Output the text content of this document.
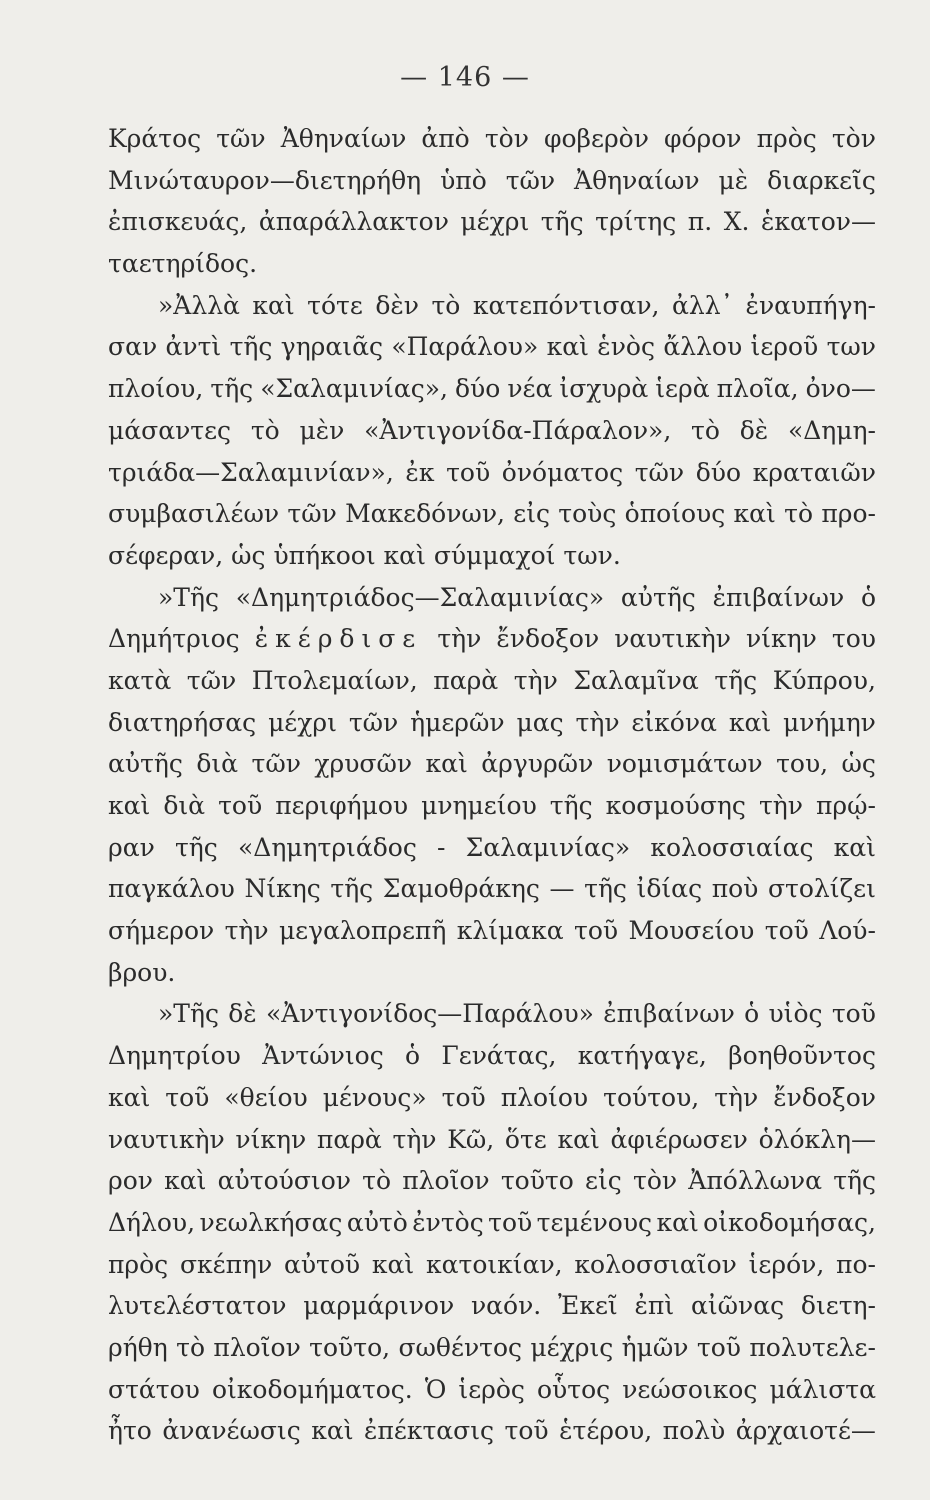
— 146 —
Κράτος τῶν Ἀθηναίων ἀπὸ τὸν φοβερὸν φόρον πρὸς τὸν
Μινώταυρον—διετηρήθη ὑπὸ τῶν Ἀθηναίων μὲ διαρκεῖς
ἐπισκευάς, ἀπαράλλακτον μέχρι τῆς τρίτης π. Χ. ἑκατον—
ταετηρίδος.
»Ἀλλὰ καὶ τότε δὲν τὸ κατεπόντισαν, ἀλλ᾽ ἐναυπήγη-
σαν ἀντὶ τῆς γηραιᾶς «Παράλου» καὶ ἑνὸς ἄλλου ἱεροῦ των
πλοίου, τῆς «Σαλαμινίας», δύο νέα ἰσχυρὰ ἱερὰ πλοῖα, ὀνο—
μάσαντες τὸ μὲν «Ἀντιγονίδα-Πάραλον», τὸ δὲ «Δημη-
τριάδα—Σαλαμινίαν», ἐκ τοῦ ὀνόματος τῶν δύο κραταιῶν
συμβασιλέων τῶν Μακεδόνων, εἰς τοὺς ὁποίους καὶ τὸ προ-
σέφεραν, ὡς ὑπήκοοι καὶ σύμμαχοί των.
»Τῆς «Δημητριάδος—Σαλαμινίας» αὐτῆς ἐπιβαίνων ὁ
Δημήτριος ἐκέρδισε τὴν ἔνδοξον ναυτικὴν νίκην του
κατὰ τῶν Πτολεμαίων, παρὰ τὴν Σαλαμῖνα τῆς Κύπρου,
διατηρήσας μέχρι τῶν ἡμερῶν μας τὴν εἰκόνα καὶ μνήμην
αὐτῆς διὰ τῶν χρυσῶν καὶ ἀργυρῶν νομισμάτων του, ὡς
καὶ διὰ τοῦ περιφήμου μνημείου τῆς κοσμούσης τὴν πρῴ-
ραν τῆς «Δημητριάδος - Σαλαμινίας» κολοσσιαίας καὶ
παγκάλου Νίκης τῆς Σαμοθράκης — τῆς ἰδίας ποὺ στολίζει
σήμερον τὴν μεγαλοπρεπῆ κλίμακα τοῦ Μουσείου τοῦ Λού-
βρου.
»Τῆς δὲ «Ἀντιγονίδος—Παράλου» ἐπιβαίνων ὁ υἱὸς τοῦ
Δημητρίου Ἀντώνιος ὁ Γενάτας, κατήγαγε, βοηθοῦντος
καὶ τοῦ «θείου μένους» τοῦ πλοίου τούτου, τὴν ἔνδοξον
ναυτικὴν νίκην παρὰ τὴν Κῶ, ὅτε καὶ ἀφιέρωσεν ὁλόκλη—
ρον καὶ αὐτούσιον τὸ πλοῖον τοῦτο εἰς τὸν Ἀπόλλωνα τῆς
Δήλου, νεωλκήσας αὐτὸ ἐντὸς τοῦ τεμένους καὶ οἰκοδομήσας,
πρὸς σκέπην αὐτοῦ καὶ κατοικίαν, κολοσσιαῖον ἱερόν, πο-
λυτελέστατον μαρμάρινον ναόν. Ἐκεῖ ἐπὶ αἰῶνας διετη-
ρήθη τὸ πλοῖον τοῦτο, σωθέντος μέχρις ἡμῶν τοῦ πολυτελε-
στάτου οἰκοδομήματος. Ὁ ἱερὸς οὗτος νεώσοικος μάλιστα
ἦτο ἀνανέωσις καὶ ἐπέκτασις τοῦ ἑτέρου, πολὺ ἀρχαιοτέ—
